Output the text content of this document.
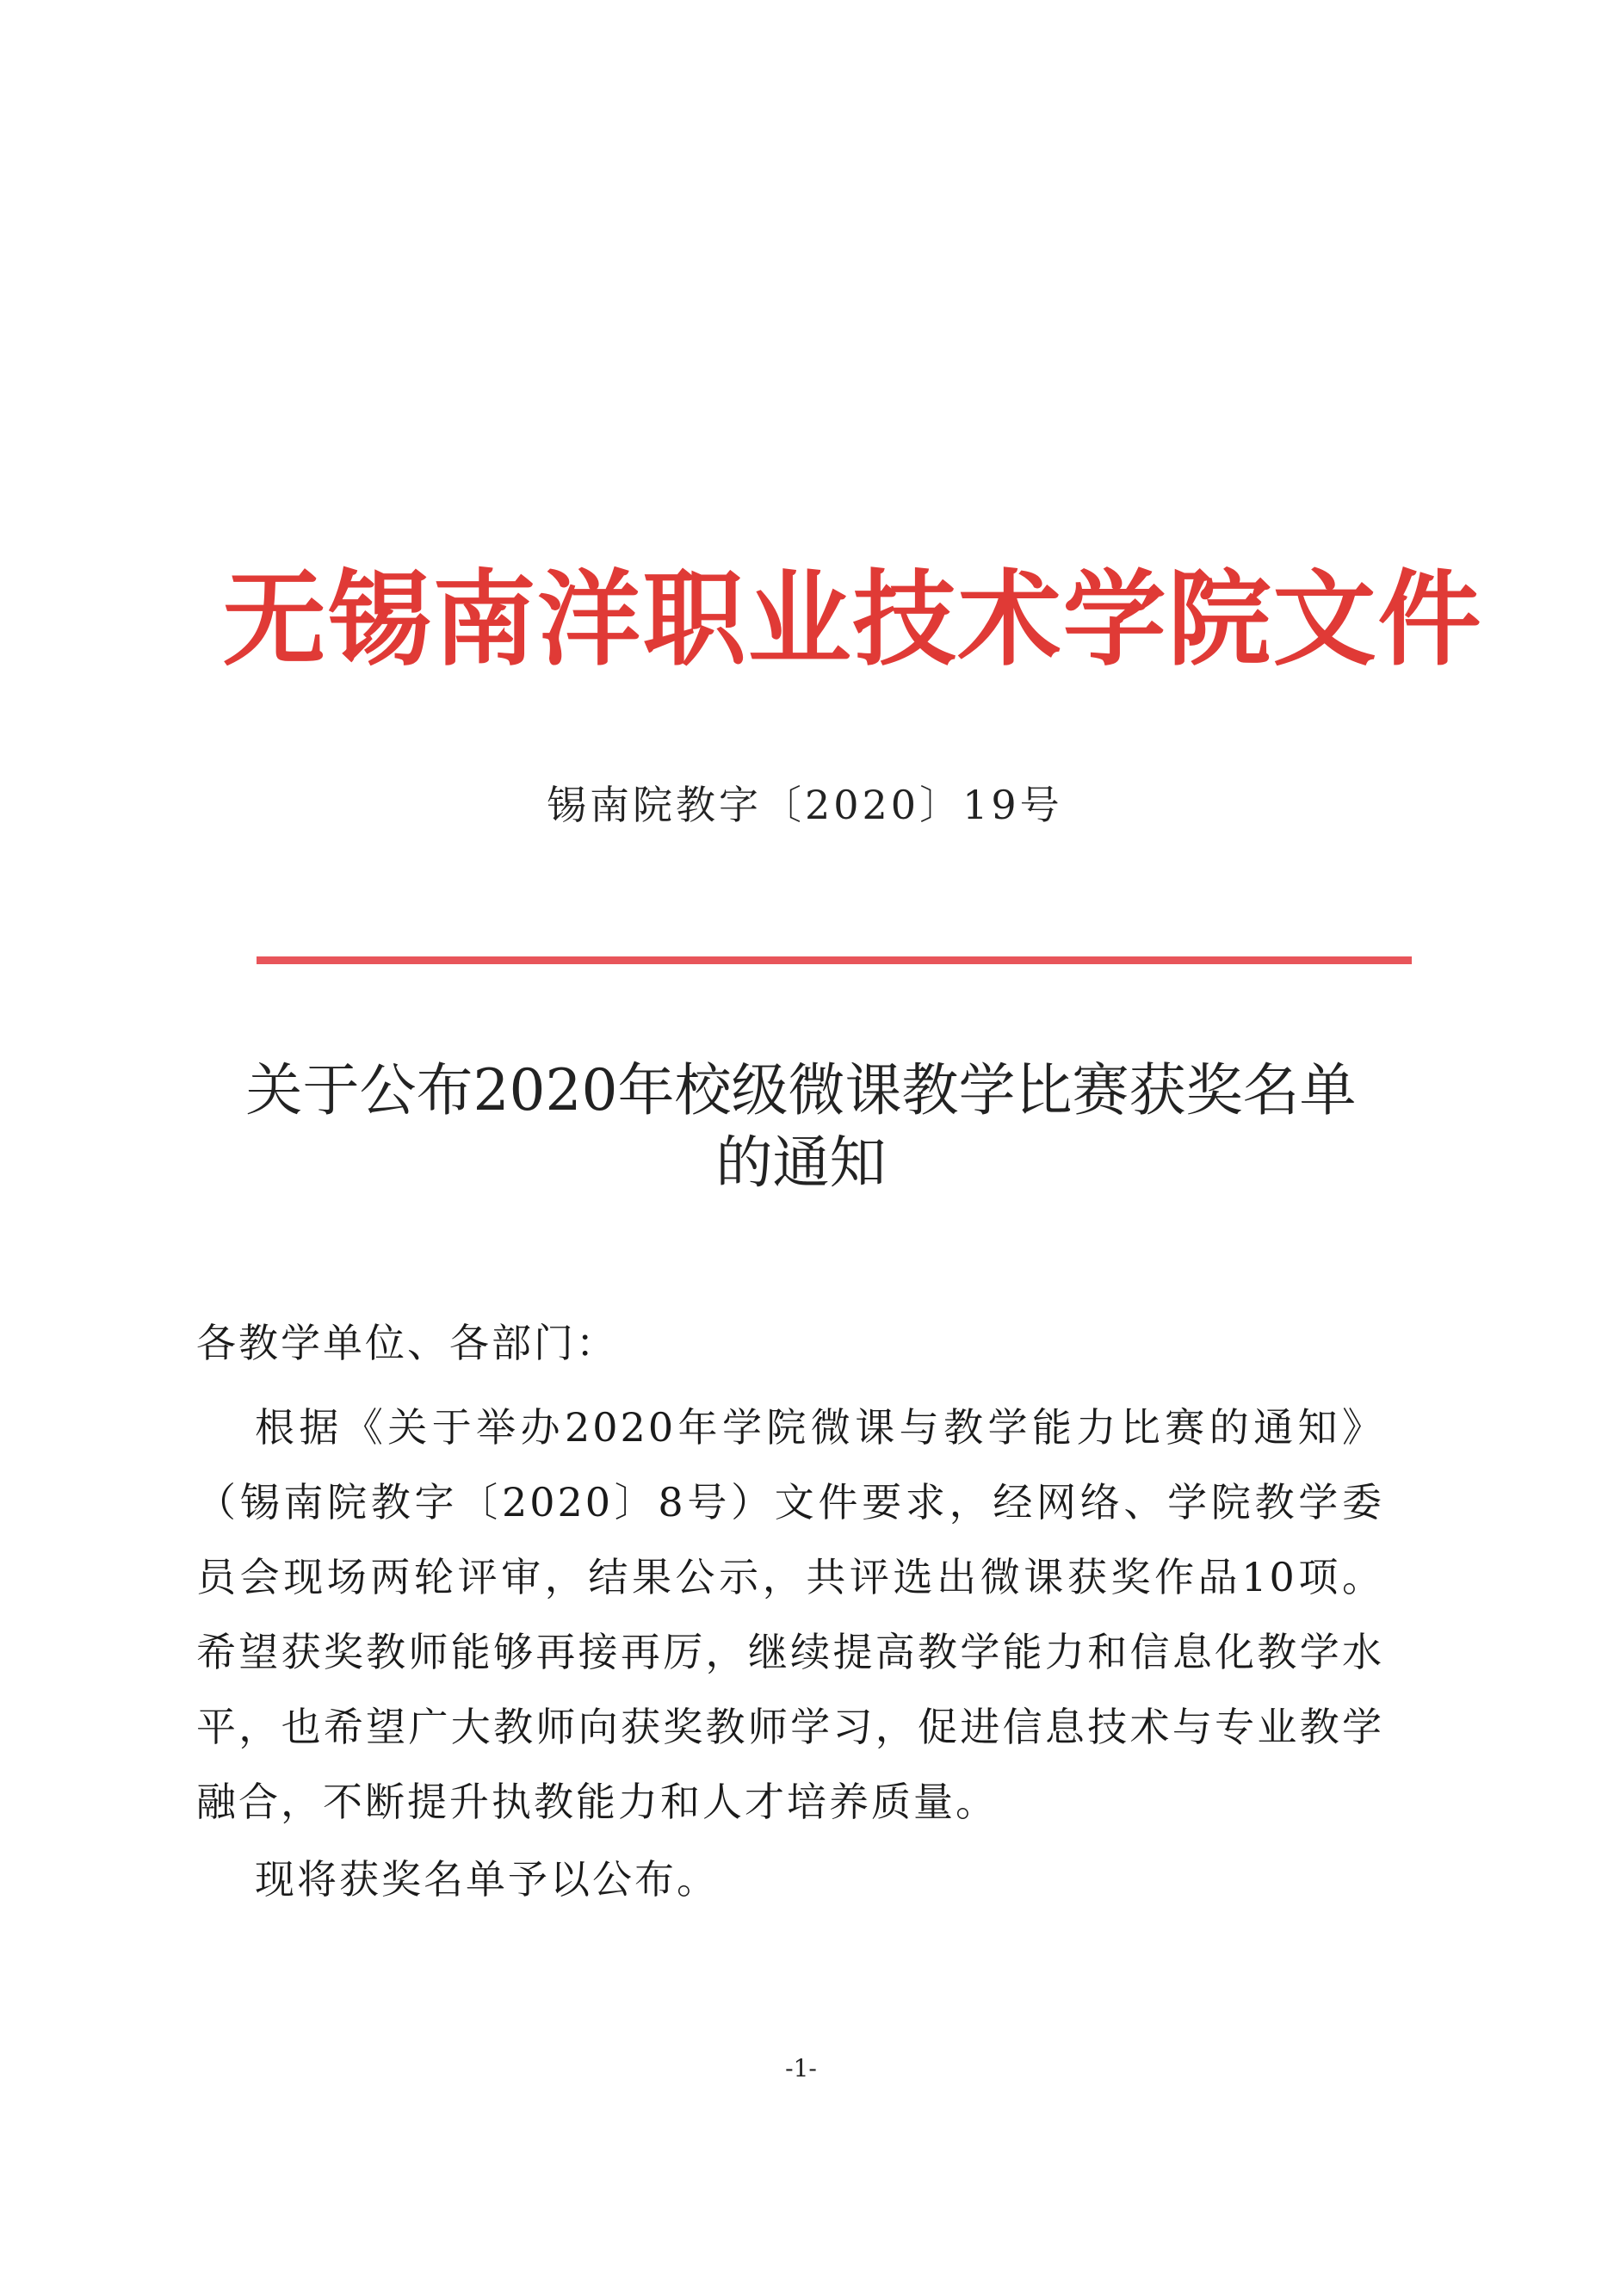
无锡南洋职业技术学院文件
锡南院教字〔2020〕19号
关于公布2020年校级微课教学比赛获奖名单
的通知
各教学单位、各部门：
根据《关于举办2020年学院微课与教学能力比赛的通知》（锡南院教字〔2020〕8号）文件要求，经网络、学院教学委员会现场两轮评审，结果公示，共评选出微课获奖作品10项。希望获奖教师能够再接再厉，继续提高教学能力和信息化教学水平，也希望广大教师向获奖教师学习，促进信息技术与专业教学融合，不断提升执教能力和人才培养质量。
现将获奖名单予以公布。
-1-
